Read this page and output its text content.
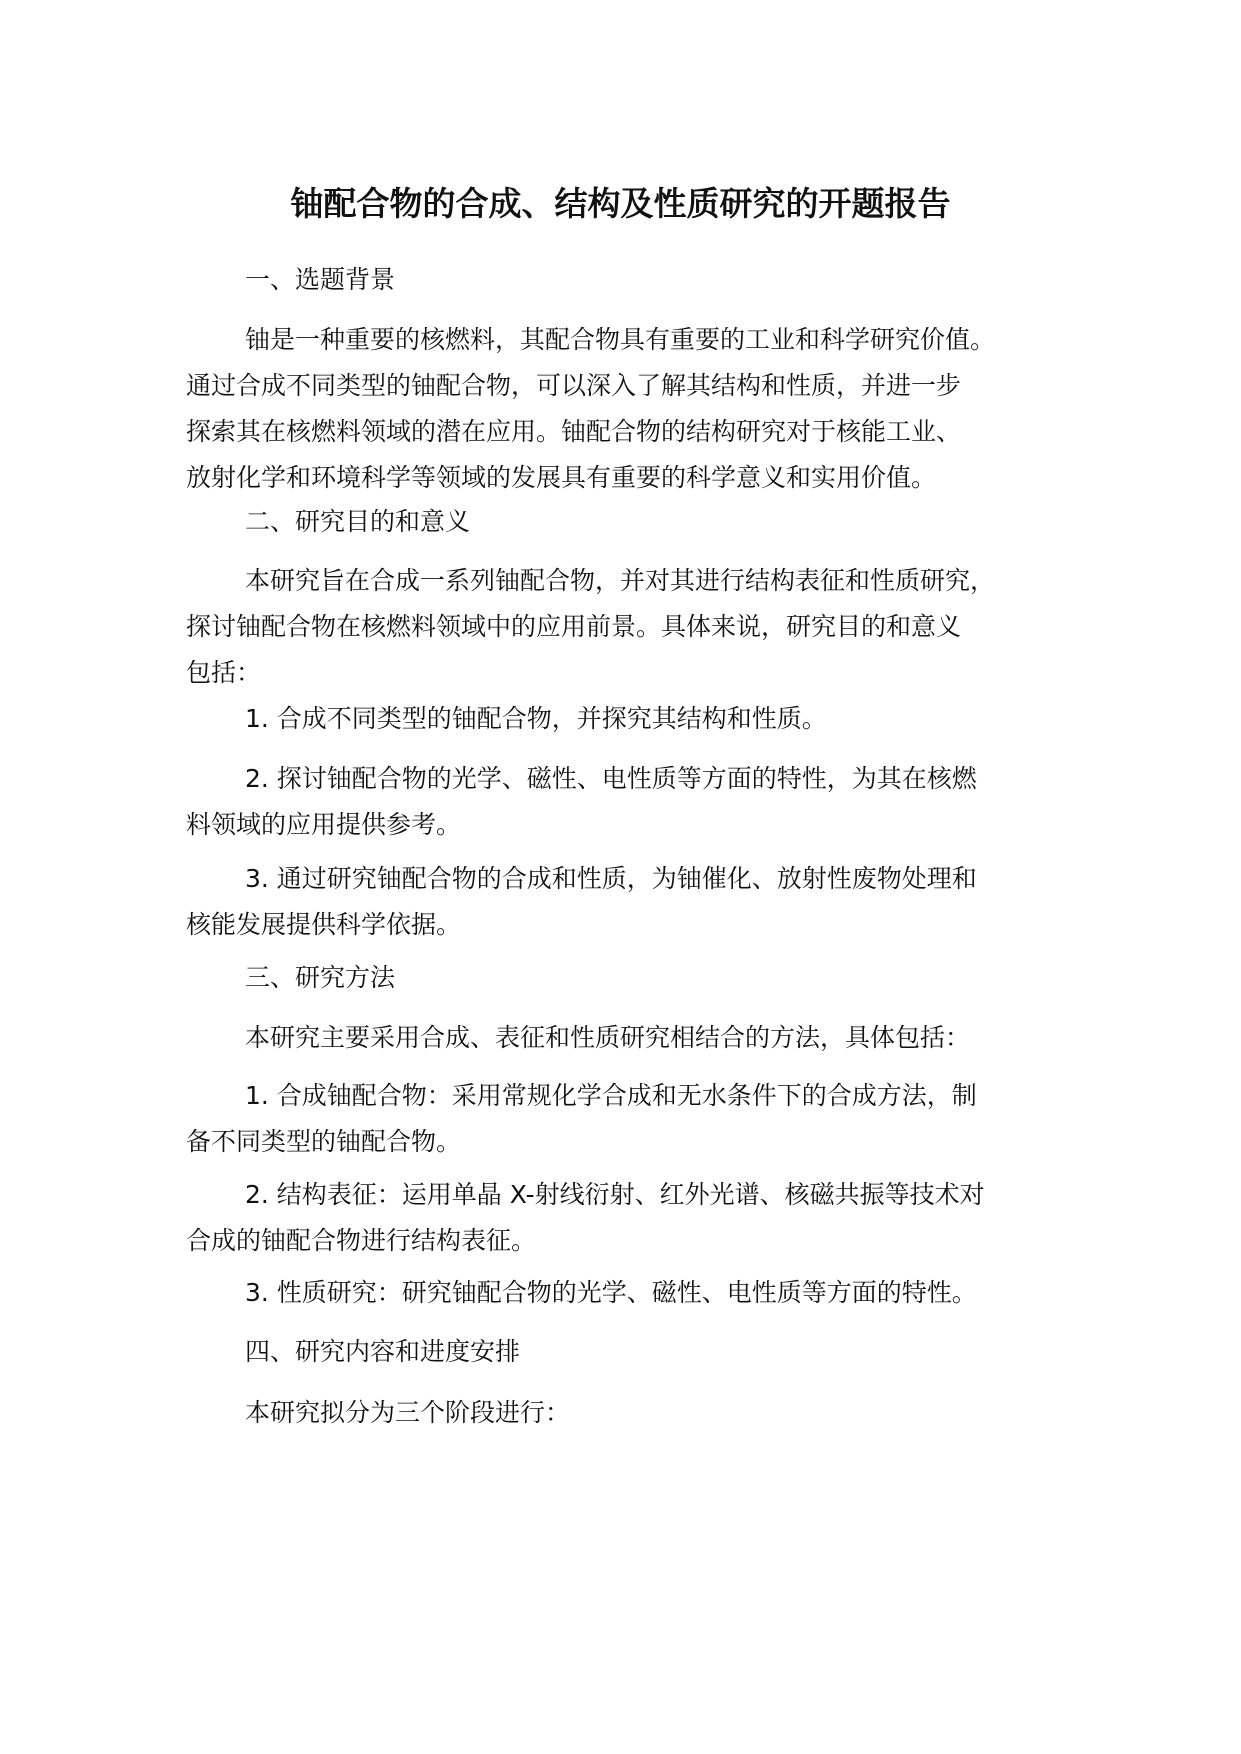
铀配合物的合成、结构及性质研究的开题报告
一、选题背景
铀是一种重要的核燃料，其配合物具有重要的工业和科学研究价值。
通过合成不同类型的铀配合物，可以深入了解其结构和性质，并进一步
探索其在核燃料领域的潜在应用。铀配合物的结构研究对于核能工业、
放射化学和环境科学等领域的发展具有重要的科学意义和实用价值。
二、研究目的和意义
本研究旨在合成一系列铀配合物，并对其进行结构表征和性质研究，
探讨铀配合物在核燃料领域中的应用前景。具体来说，研究目的和意义
包括：
1. 合成不同类型的铀配合物，并探究其结构和性质。
2. 探讨铀配合物的光学、磁性、电性质等方面的特性，为其在核燃
料领域的应用提供参考。
3. 通过研究铀配合物的合成和性质，为铀催化、放射性废物处理和
核能发展提供科学依据。
三、研究方法
本研究主要采用合成、表征和性质研究相结合的方法，具体包括：
1. 合成铀配合物：采用常规化学合成和无水条件下的合成方法，制
备不同类型的铀配合物。
2. 结构表征：运用单晶 X-射线衍射、红外光谱、核磁共振等技术对
合成的铀配合物进行结构表征。
3. 性质研究：研究铀配合物的光学、磁性、电性质等方面的特性。
四、研究内容和进度安排
本研究拟分为三个阶段进行：
